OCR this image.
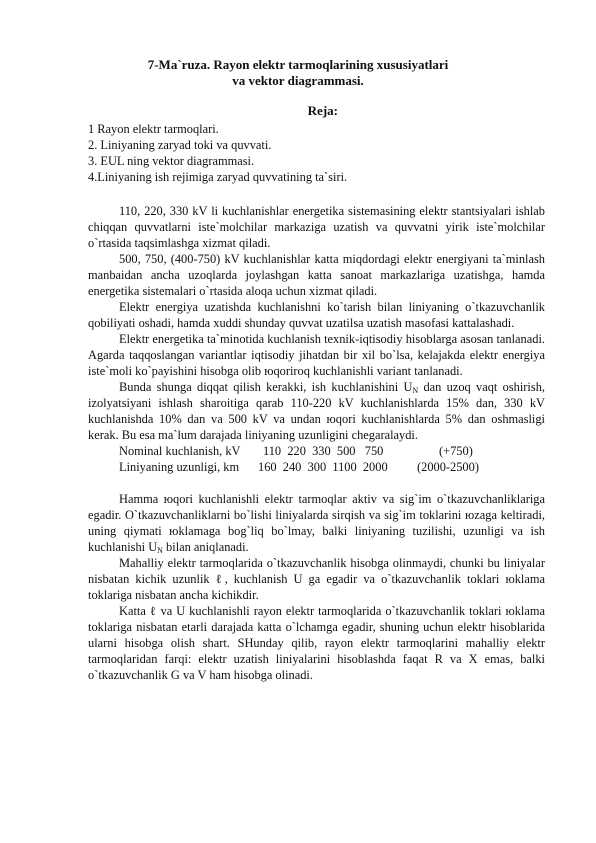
7-Ma`ruza. Rayon elektr tarmoqlarining xususiyatlari
va vektor diagrammasi.
Reja:
1 Rayon elektr tarmoqlari.
2. Liniyaning zaryad toki va quvvati.
3. EUL ning vektor diagrammasi.
4.Liniyaning ish rejimiga zaryad quvvatining ta`siri.

110, 220, 330 kV li kuchlanishlar energetika sistemasining elektr stantsiyalari ishlab chiqqan quvvatlarni iste`molchilar markaziga uzatish va quvvatni yirik iste`molchilar o`rtasida taqsimlashga xizmat qiladi.

500, 750, (400-750) kV kuchlanishlar katta miqdordagi elektr energiyani ta`minlash manbaidan ancha uzoqlarda joylashgan katta sanoat markazlariga uzatishga, hamda energetika sistemalari o`rtasida aloqa uchun xizmat qiladi.

Elektr energiya uzatishda kuchlanishni ko`tarish bilan liniyaning o`tkazuvchanlik qobiliyati oshadi, hamda xuddi shunday quvvat uzatilsa uzatish masofasi kattalashadi.

Elektr energetika ta`minotida kuchlanish texnik-iqtisodiy hisoblarga asosan tanlanadi. Agarda taqqoslangan variantlar iqtisodiy jihatdan bir xil bo`lsa, kelajakda elektr energiya iste`moli ko`payishini hisobga olib юqoriroq kuchlanishli variant tanlanadi.

Bunda shunga diqqat qilish kerakki, ish kuchlanishini $U_N$ dan uzoq vaqt oshirish, izolyatsiyani ishlash sharoitiga qarab 110-220 kV kuchlanishlarda 15% dan, 330 kV kuchlanishda 10% dan va 500 kV va undan юqori kuchlanishlarda 5% dan oshmasligi kerak. Bu esa ma`lum darajada liniyaning uzunligini chegaralaydi.

Nominal kuchlanish, kV 110  220  330  500   750	(+750)
Liniyaning uzunligi, km 160  240  300  1100  2000 (2000-2500)

Hamma юqori kuchlanishli elektr tarmoqlar aktiv va sig`im o`tkazuvchanliklariga egadir. O`tkazuvchanliklarni bo`lishi liniyalarda sirqish va sig`im toklarini юzaga keltiradi, uning qiymati юklamaga bog`liq bo`lmay, balki liniyaning tuzilishi, uzunligi va ish kuchlanishi $U_N$ bilan aniqlanadi.

Mahalliy elektr tarmoqlarida o`tkazuvchanlik hisobga olinmaydi, chunki bu liniyalar nisbatan kichik uzunlik ℓ, kuchlanish U ga egadir va o`tkazuvchanlik toklari юklama toklariga nisbatan ancha kichikdir.

Katta ℓ va U kuchlanishli rayon elektr tarmoqlarida o`tkazuvchanlik toklari юklama toklariga nisbatan etarli darajada katta o`lchamga egadir, shuning uchun elektr hisoblarida ularni hisobga olish shart. SHunday qilib, rayon elektr tarmoqlarini mahalliy elektr tarmoqlaridan farqi: elektr uzatish liniyalarini hisoblashda faqat R va X emas, balki o`tkazuvchanlik G va V ham hisobga olinadi.
